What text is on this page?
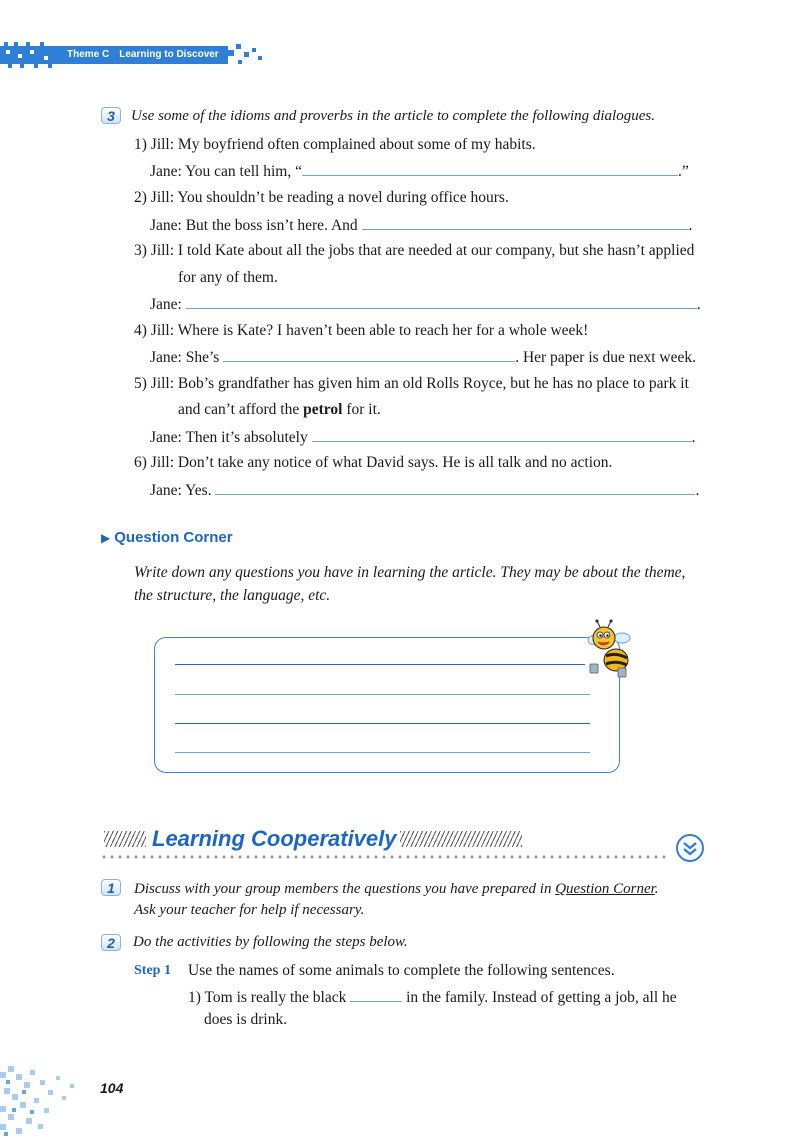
Theme C Learning to Discover
3	Use some of the idioms and proverbs in the article to complete the following dialogues.
1) Jill: My boyfriend often complained about some of my habits.
Jane: You can tell him, “	.”
2) Jill: You shouldn’t be reading a novel during office hours.
Jane: But the boss isn’t here. And	.
3) Jill: I told Kate about all the jobs that are needed at our company, but she hasn’t applied
for any of them.
Jane:	.
4) Jill: Where is Kate? I haven’t been able to reach her for a whole week!
Jane: She’s	. Her paper is due next week.
5) Jill: Bob’s grandfather has given him an old Rolls Royce, but he has no place to park it
and can’t afford the petrol for it.
Jane: Then it’s absolutely	.
6) Jill: Don’t take any notice of what David says. He is all talk and no action.
Jane: Yes.	.
▶ Question Corner
Write down any questions you have in learning the article. They may be about the theme,
the structure, the language, etc.
Learning Cooperatively
1	Discuss with your group members the questions you have prepared in Question Corner.
Ask your teacher for help if necessary.
2	Do the activities by following the steps below.
Step 1 Use the names of some animals to complete the following sentences.
1) Tom is really the black	in the family. Instead of getting a job, all he
does is drink.
104
